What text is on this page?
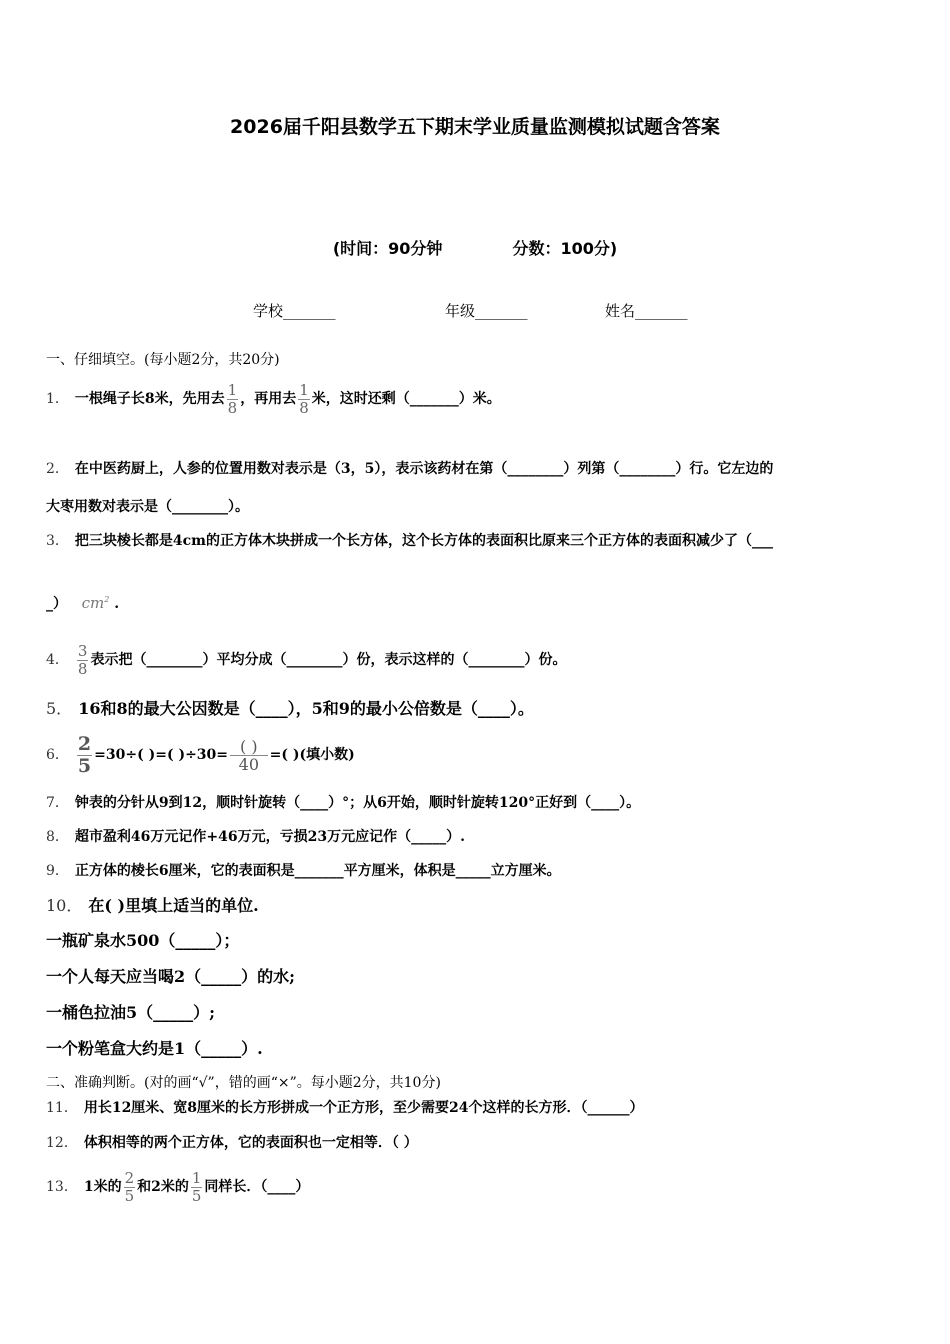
2026届千阳县数学五下期末学业质量监测模拟试题含答案
(时间：90分钟	分数：100分)
学校_______	年级_______	姓名_______
一、仔细填空。(每小题2分，共20分)
1． 一根绳子长8米，先用去 $\frac{1}{8}$ ，再用去 $\frac{1}{8}$ 米，这时还剩（_______）米。
2． 在中医药厨上，人参的位置用数对表示是（3，5），表示该药材在第（________）列第（________）行。它左边的
大枣用数对表示是（________）。
3． 把三块棱长都是4cm的正方体木块拼成一个长方体，这个长方体的表面积比原来三个正方体的表面积减少了（___
_） $cm^2$ .
4． $\frac{3}{8}$ 表示把（________）平均分成（________）份，表示这样的（________）份。
5． 16和8的最大公因数是（____），5和9的最小公倍数是（____）。
6． $\frac{2}{5} =30\div$( )=( )$\div 30= \frac{( )}{40}$ =( )(填小数)
7． 钟表的分针从9到12，顺时针旋转（____）°；从6开始，顺时针旋转120°正好到（____）。
8． 超市盈利46万元记作+46万元，亏损23万元应记作（_____）.
9． 正方体的棱长6厘米，它的表面积是_______平方厘米，体积是_____立方厘米。
10． 在( )里填上适当的单位.
一瓶矿泉水500（_____）；
一个人每天应当喝2（_____）的水;
一桶色拉油5（_____）;
一个粉笔盒大约是1（_____）.
二、准确判断。(对的画“√”，错的画“×”。每小题2分，共10分)
11． 用长12厘米、宽8厘米的长方形拼成一个正方形，至少需要24个这样的长方形．（______）
12． 体积相等的两个正方体，它的表面积也一定相等．（ ）
13． 1米的 $\frac{2}{5}$ 和2米的 $\frac{1}{5}$ 同样长．（____）
